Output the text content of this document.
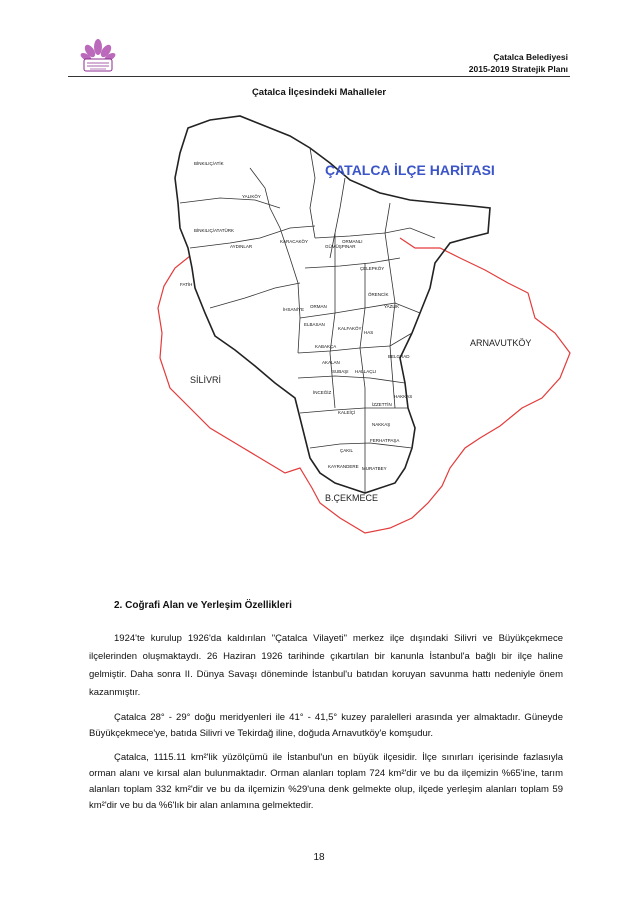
Çatalca Belediyesi
2015-2019 Stratejik Planı
Çatalca İlçesindeki Mahalleler
ÇATALCA İLÇE HARİTASI
SİLİVRİ
ARNAVUTKÖY
B.ÇEKMECE
BİNKILIÇ/ATİK
YALIKÖY
BİNKILIÇ/ATATÜRK
AYDINLAR
FATİH
KARACAKÖY	ORMANLI
GÜMÜŞPINAR
ÇELEPKÖY
İHSANİYE
ÖRENCİK
ORMAN	YAZLIK
KALFAKÖY
HAS
ELBASAN
KABAKÇA
AKALAN
SUBAŞI HALLAÇLI
BELGRAD
İNCEĞİZ
İZZETTİN
HAKKAS
KALEİÇİ
FERHATPAŞA
ÇAKIL
KAYRANDERE MURATBEY
NAKKAŞ
2. Coğrafi Alan ve Yerleşim Özellikleri

1924'te kurulup 1926'da kaldırılan "Çatalca Vilayeti" merkez ilçe dışındaki Silivri ve Büyükçekmece ilçelerinden oluşmaktaydı. 26 Haziran 1926 tarihinde çıkartılan bir kanunla İstanbul'a bağlı bir ilçe haline gelmiştir. Daha sonra II. Dünya Savaşı döneminde İstanbul'u batıdan koruyan savunma hattı nedeniyle önem kazanmıştır.

Çatalca 28° - 29° doğu meridyenleri ile 41° - 41,5° kuzey paralelleri arasında yer almaktadır. Güneyde Büyükçekmece'ye, batıda Silivri ve Tekirdağ iline, doğuda Arnavutköy'e komşudur.

Çatalca, 1115.11 km²'lik yüzölçümü ile İstanbul'un en büyük ilçesidir. İlçe sınırları içerisinde fazlasıyla orman alanı ve kırsal alan bulunmaktadır. Orman alanları toplam 724 km²'dir ve bu da ilçemizin %65'ine, tarım alanları toplam 332 km²'dir ve bu da ilçemizin %29'una denk gelmekte olup, ilçede yerleşim alanları toplam 59 km²'dir ve bu da %6'lık bir alan anlamına gelmektedir.

18
